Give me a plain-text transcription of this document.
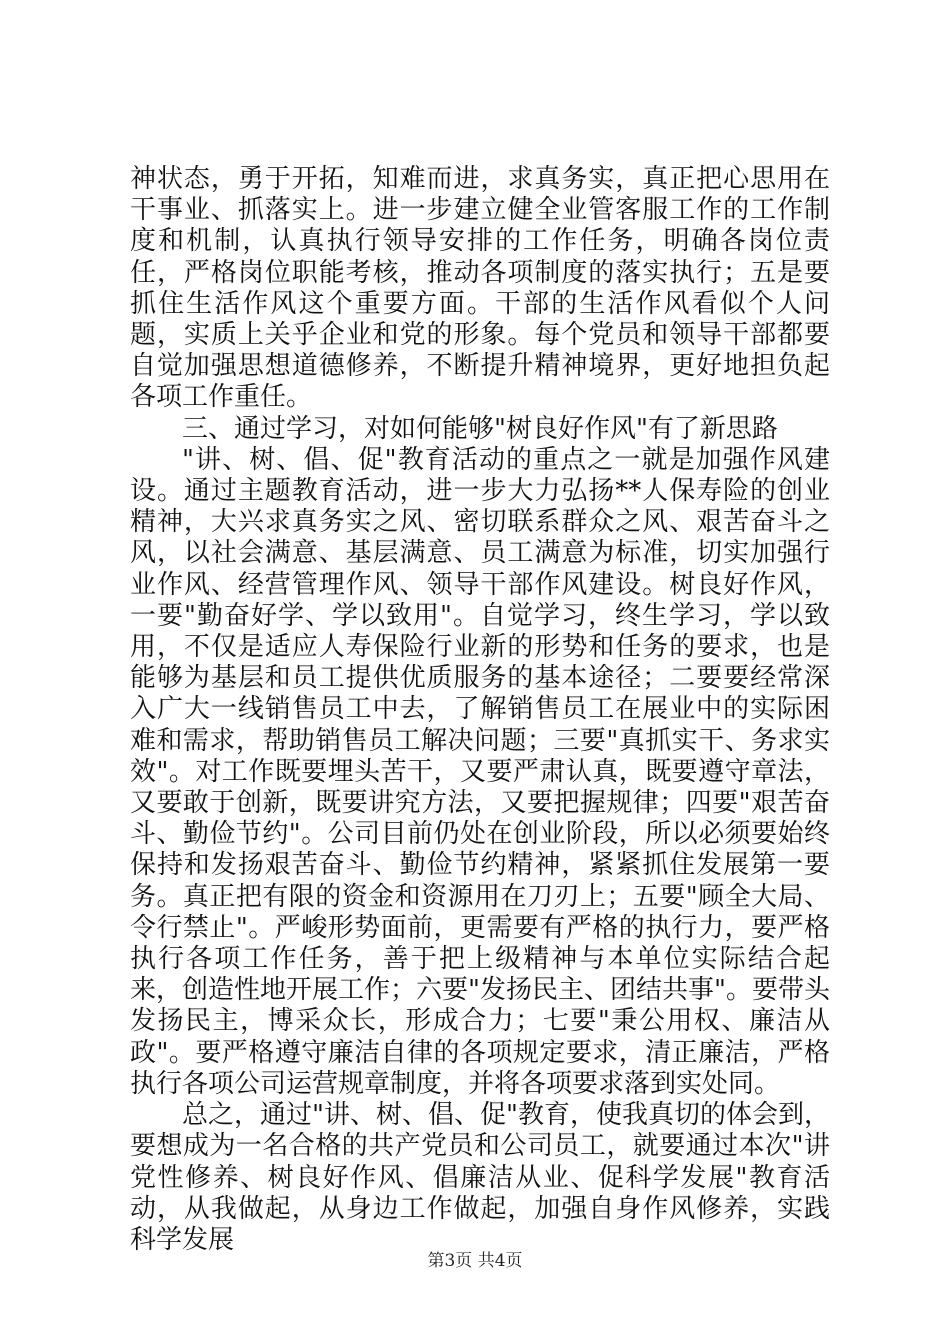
神状态，勇于开拓，知难而进，求真务实，真正把心思用在干事业、抓落实上。进一步建立健全业管客服工作的工作制度和机制，认真执行领导安排的工作任务，明确各岗位责任，严格岗位职能考核，推动各项制度的落实执行；五是要抓住生活作风这个重要方面。干部的生活作风看似个人问题，实质上关乎企业和党的形象。每个党员和领导干部都要自觉加强思想道德修养，不断提升精神境界，更好地担负起各项工作重任。

三、通过学习，对如何能够"树良好作风"有了新思路

"讲、树、倡、促"教育活动的重点之一就是加强作风建设。通过主题教育活动，进一步大力弘扬**人保寿险的创业精神，大兴求真务实之风、密切联系群众之风、艰苦奋斗之风，以社会满意、基层满意、员工满意为标准，切实加强行业作风、经营管理作风、领导干部作风建设。树良好作风，一要"勤奋好学、学以致用"。自觉学习，终生学习，学以致用，不仅是适应人寿保险行业新的形势和任务的要求，也是能够为基层和员工提供优质服务的基本途径；二要要经常深入广大一线销售员工中去，了解销售员工在展业中的实际困难和需求，帮助销售员工解决问题；三要"真抓实干、务求实效"。对工作既要埋头苦干，又要严肃认真，既要遵守章法，又要敢于创新，既要讲究方法，又要把握规律；四要"艰苦奋斗、勤俭节约"。公司目前仍处在创业阶段，所以必须要始终保持和发扬艰苦奋斗、勤俭节约精神，紧紧抓住发展第一要务。真正把有限的资金和资源用在刀刃上；五要"顾全大局、令行禁止"。严峻形势面前，更需要有严格的执行力，要严格执行各项工作任务，善于把上级精神与本单位实际结合起来，创造性地开展工作；六要"发扬民主、团结共事"。要带头发扬民主，博采众长，形成合力；七要"秉公用权、廉洁从政"。要严格遵守廉洁自律的各项规定要求，清正廉洁，严格执行各项公司运营规章制度，并将各项要求落到实处同。

总之，通过"讲、树、倡、促"教育，使我真切的体会到，要想成为一名合格的共产党员和公司员工，就要通过本次"讲党性修养、树良好作风、倡廉洁从业、促科学发展"教育活动，从我做起，从身边工作做起，加强自身作风修养，实践科学发展

第3页 共4页
